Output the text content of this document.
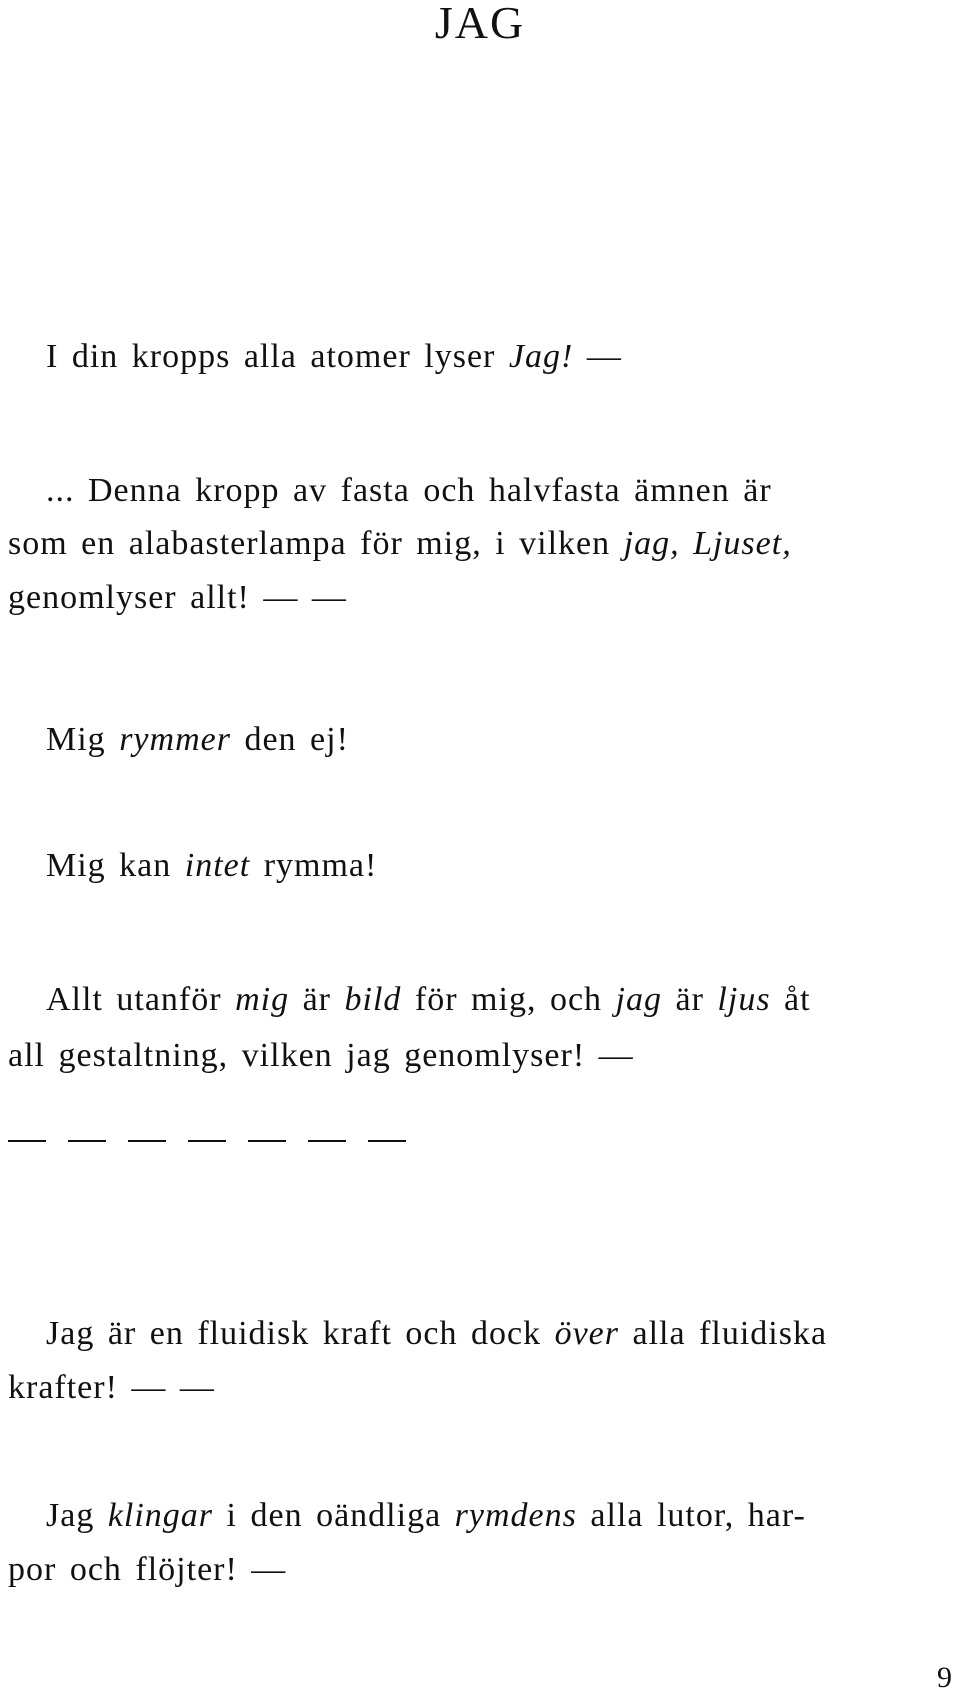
JAG
I din kropps alla atomer lyser Jag! —
... Denna kropp av fasta och halvfasta ämnen är
som en alabasterlampa för mig, i vilken jag, Ljuset,
genomlyser allt! — —
Mig rymmer den ej!
Mig kan intet rymma!
Allt utanför mig är bild för mig, och jag är ljus åt
all gestaltning, vilken jag genomlyser! —
Jag är en fluidisk kraft och dock över alla fluidiska
krafter! — —
Jag klingar i den oändliga rymdens alla lutor, har-
por och flöjter! —
9
